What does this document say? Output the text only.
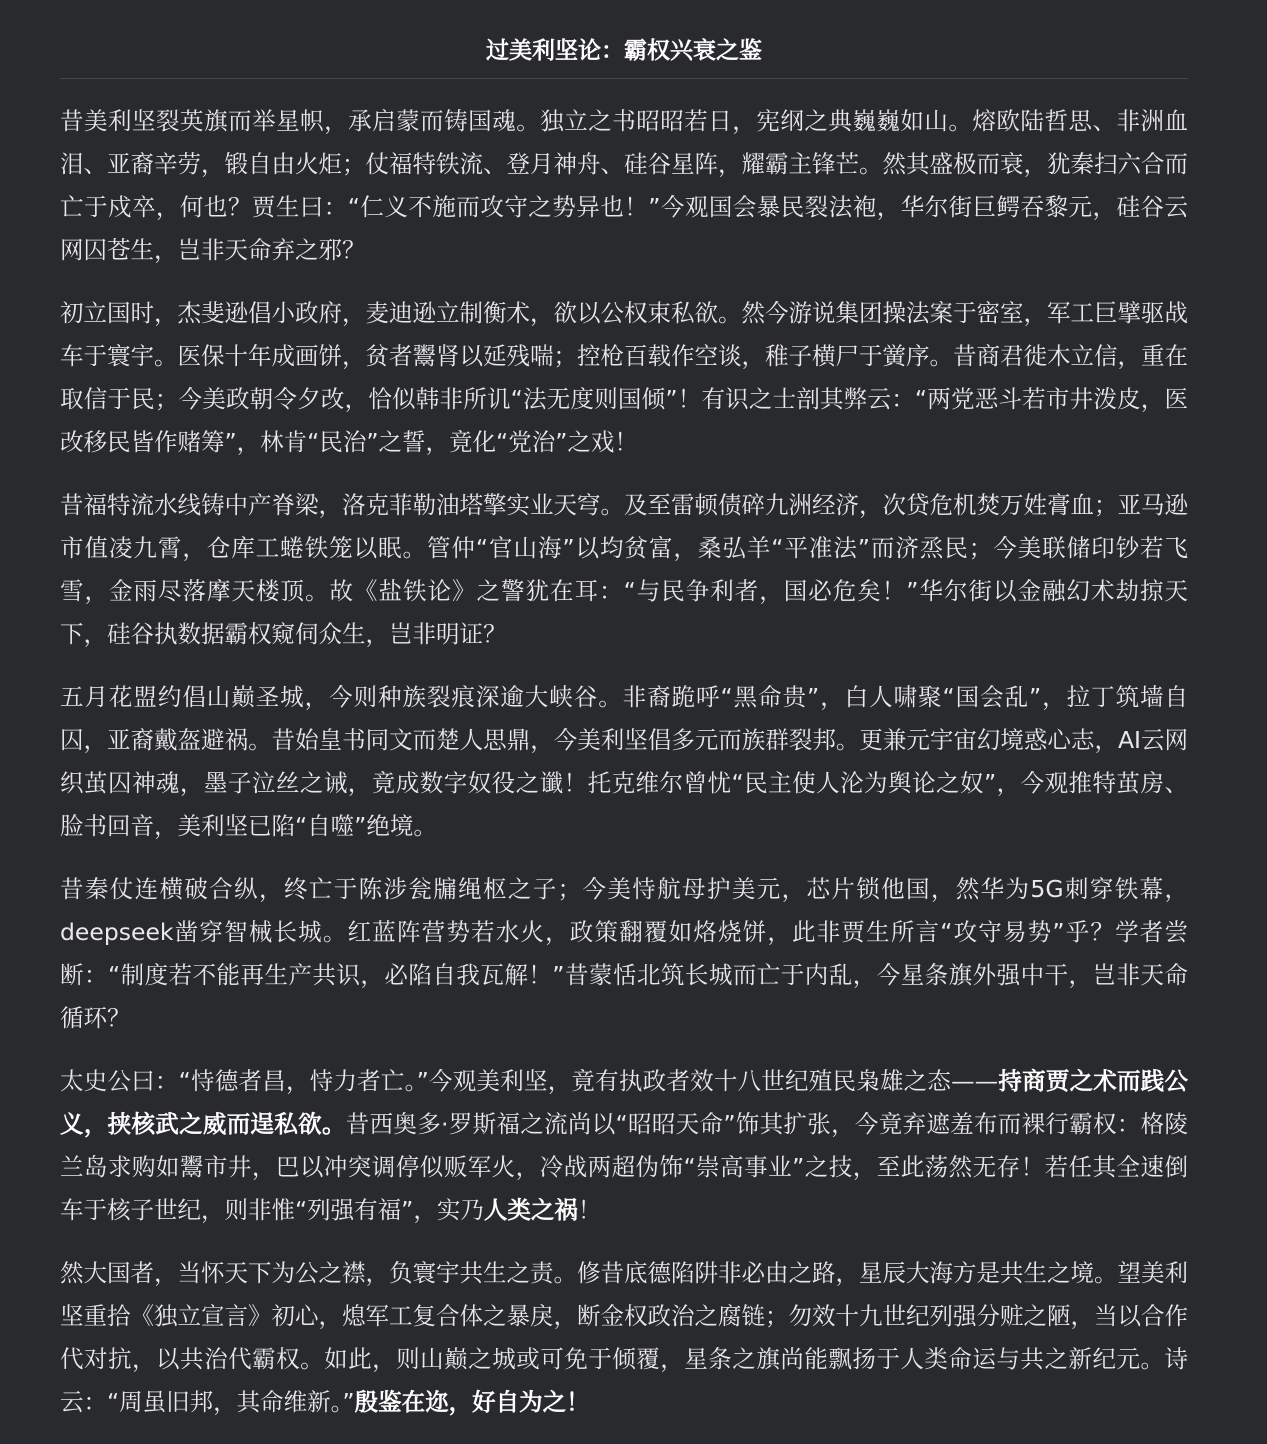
过美利坚论：霸权兴衰之鉴

昔美利坚裂英旗而举星帜，承启蒙而铸国魂。独立之书昭昭若日，宪纲之典巍巍如山。熔欧陆哲思、非洲血泪、亚裔辛劳，锻自由火炬；仗福特铁流、登月神舟、硅谷星阵，耀霸主锋芒。然其盛极而衰，犹秦扫六合而亡于戍卒，何也？贾生曰：“仁义不施而攻守之势异也！”今观国会暴民裂法袍，华尔街巨鳄吞黎元，硅谷云网囚苍生，岂非天命弃之邪？

初立国时，杰斐逊倡小政府，麦迪逊立制衡术，欲以公权束私欲。然今游说集团操法案于密室，军工巨擘驱战车于寰宇。医保十年成画饼，贫者鬻肾以延残喘；控枪百载作空谈，稚子横尸于黉序。昔商君徙木立信，重在取信于民；今美政朝令夕改，恰似韩非所讥“法无度则国倾”！有识之士剖其弊云：“两党恶斗若市井泼皮，医改移民皆作赌筹”，林肯“民治”之誓，竟化“党治”之戏！

昔福特流水线铸中产脊梁，洛克菲勒油塔擎实业天穹。及至雷顿债碎九洲经济，次贷危机焚万姓膏血；亚马逊市值凌九霄，仓库工蜷铁笼以眠。管仲“官山海”以均贫富，桑弘羊“平准法”而济烝民；今美联储印钞若飞雪，金雨尽落摩天楼顶。故《盐铁论》之警犹在耳：“与民争利者，国必危矣！”华尔街以金融幻术劫掠天下，硅谷执数据霸权窥伺众生，岂非明证？

五月花盟约倡山巅圣城，今则种族裂痕深逾大峡谷。非裔跪呼“黑命贵”，白人啸聚“国会乱”，拉丁筑墙自囚，亚裔戴盔避祸。昔始皇书同文而楚人思鼎，今美利坚倡多元而族群裂邦。更兼元宇宙幻境惑心志，AI云网织茧囚神魂，墨子泣丝之诫，竟成数字奴役之谶！托克维尔曾忧“民主使人沦为舆论之奴”，今观推特茧房、脸书回音，美利坚已陷“自噬”绝境。

昔秦仗连横破合纵，终亡于陈涉瓮牖绳枢之子；今美恃航母护美元，芯片锁他国，然华为5G刺穿铁幕，deepseek凿穿智械长城。红蓝阵营势若水火，政策翻覆如烙烧饼，此非贾生所言“攻守易势”乎？学者尝断：“制度若不能再生产共识，必陷自我瓦解！”昔蒙恬北筑长城而亡于内乱，今星条旗外强中干，岂非天命循环？

太史公曰：“恃德者昌，恃力者亡。”今观美利坚，竟有执政者效十八世纪殖民枭雄之态——持商贾之术而践公义，挟核武之威而逞私欲。昔西奥多·罗斯福之流尚以“昭昭天命”饰其扩张，今竟弃遮羞布而裸行霸权：格陵兰岛求购如鬻市井，巴以冲突调停似贩军火，冷战两超伪饰“崇高事业”之技，至此荡然无存！若任其全速倒车于核子世纪，则非惟“列强有福”，实乃人类之祸！

然大国者，当怀天下为公之襟，负寰宇共生之责。修昔底德陷阱非必由之路，星辰大海方是共生之境。望美利坚重拾《独立宣言》初心，熄军工复合体之暴戾，断金权政治之腐链；勿效十九世纪列强分赃之陋，当以合作代对抗，以共治代霸权。如此，则山巅之城或可免于倾覆，星条之旗尚能飘扬于人类命运与共之新纪元。诗云：“周虽旧邦，其命维新。”殷鉴在迩，好自为之！
